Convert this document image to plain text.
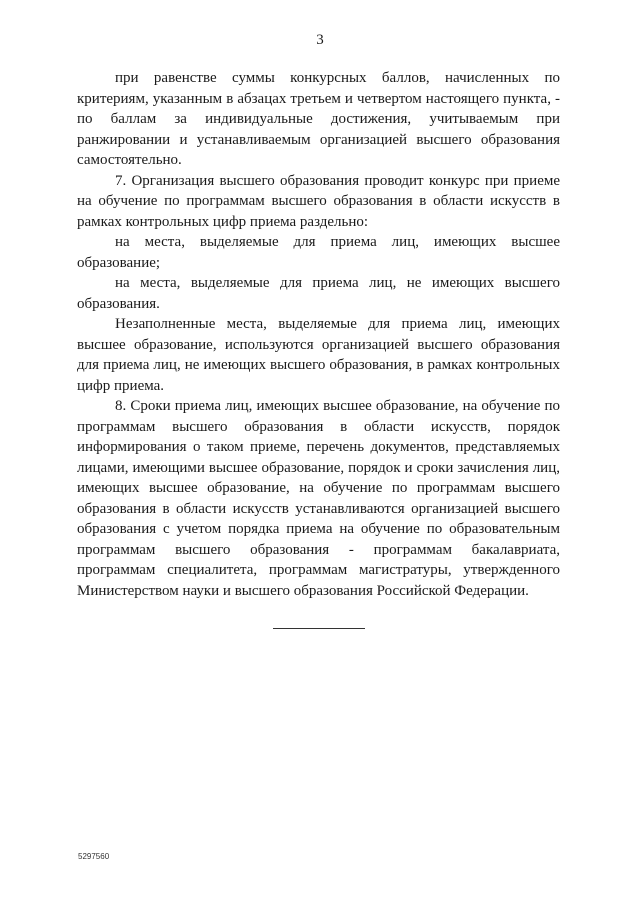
3

при равенстве суммы конкурсных баллов, начисленных по критериям, указанным в абзацах третьем и четвертом настоящего пункта, - по баллам за индивидуальные достижения, учитываемым при ранжировании и устанавливаемым организацией высшего образования самостоятельно.

7. Организация высшего образования проводит конкурс при приеме на обучение по программам высшего образования в области искусств в рамках контрольных цифр приема раздельно:

на места, выделяемые для приема лиц, имеющих высшее образование;

на места, выделяемые для приема лиц, не имеющих высшего образования.

Незаполненные места, выделяемые для приема лиц, имеющих высшее образование, используются организацией высшего образования для приема лиц, не имеющих высшего образования, в рамках контрольных цифр приема.

8. Сроки приема лиц, имеющих высшее образование, на обучение по программам высшего образования в области искусств, порядок информирования о таком приеме, перечень документов, представляемых лицами, имеющими высшее образование, порядок и сроки зачисления лиц, имеющих высшее образование, на обучение по программам высшего образования в области искусств устанавливаются организацией высшего образования с учетом порядка приема на обучение по образовательным программам высшего образования - программам бакалавриата, программам специалитета, программам магистратуры, утвержденного Министерством науки и высшего образования Российской Федерации.

5297560
